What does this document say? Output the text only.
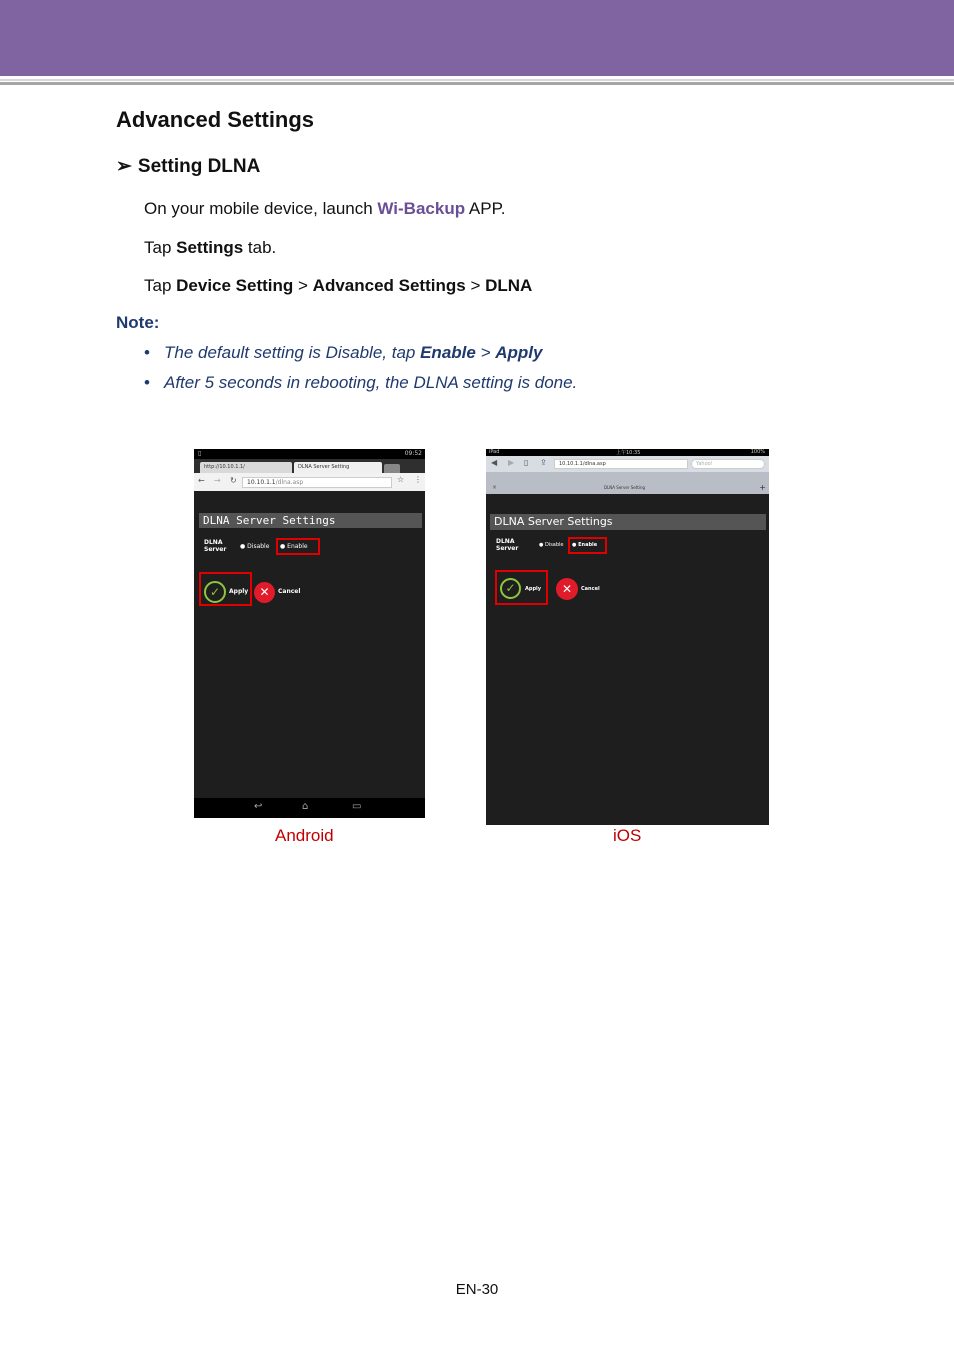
Advanced Settings
➢ Setting DLNA
On your mobile device, launch Wi-Backup APP.
Tap Settings tab.
Tap Device Setting > Advanced Settings > DLNA
Note:
• The default setting is Disable, tap Enable > Apply
• After 5 seconds in rebooting, the DLNA setting is done.
▯	09:52
http://10.10.1.1/	DLNA Server Setting
← → ↻	10.10.1.1/dlna.asp	☆ ⋮
DLNA Server Settings
DLNA
Server ● Disable ● Enable
✓	Apply ✕	Cancel
↩	⌂	▭
iPad	上午10:35	100%
◀ ▶ ▯ ⇪	10.10.1.1/dlna.asp	Yahoo!
×	DLNA Server Setting	+
DLNA Server Settings
DLNA
Server	● Disable ● Enable
✓	Apply	✕	Cancel
Android	iOS
EN-30
